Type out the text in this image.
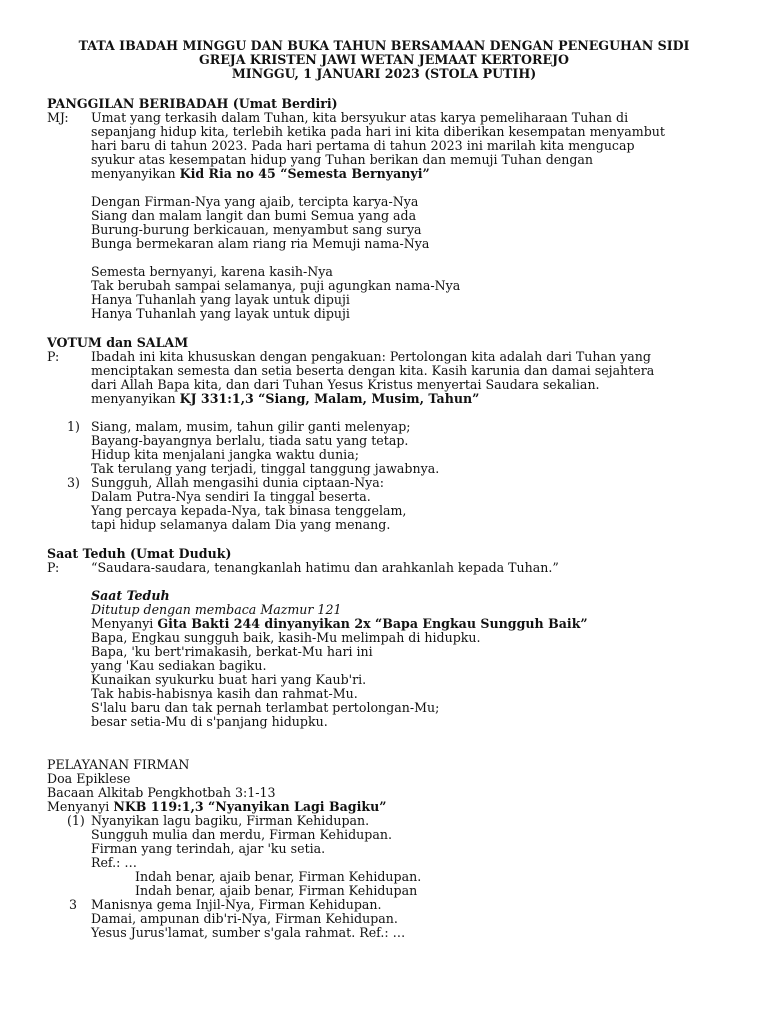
TATA IBADAH MINGGU DAN BUKA TAHUN BERSAMAAN DENGAN PENEGUHAN SIDI
GREJA KRISTEN JAWI WETAN JEMAAT KERTOREJO
MINGGU, 1 JANUARI 2023 (STOLA PUTIH)
PANGGILAN BERIBADAH (Umat Berdiri)
MJ: Umat yang terkasih dalam Tuhan, kita bersyukur atas karya pemeliharaan Tuhan di
sepanjang hidup kita, terlebih ketika pada hari ini kita diberikan kesempatan menyambut
hari baru di tahun 2023. Pada hari pertama di tahun 2023 ini marilah kita mengucap
syukur atas kesempatan hidup yang Tuhan berikan dan memuji Tuhan dengan
menyanyikan Kid Ria no 45 “Semesta Bernyanyi”
Dengan Firman-Nya yang ajaib, tercipta karya-Nya
Siang dan malam langit dan bumi Semua yang ada
Burung-burung berkicauan, menyambut sang surya
Bunga bermekaran alam riang ria Memuji nama-Nya
Semesta bernyanyi, karena kasih-Nya
Tak berubah sampai selamanya, puji agungkan nama-Nya
Hanya Tuhanlah yang layak untuk dipuji
Hanya Tuhanlah yang layak untuk dipuji
VOTUM dan SALAM
P:	Ibadah ini kita khususkan dengan pengakuan: Pertolongan kita adalah dari Tuhan yang
menciptakan semesta dan setia beserta dengan kita. Kasih karunia dan damai sejahtera
dari Allah Bapa kita, dan dari Tuhan Yesus Kristus menyertai Saudara sekalian.
menyanyikan KJ 331:1,3 “Siang, Malam, Musim, Tahun”
1) Siang, malam, musim, tahun gilir ganti melenyap;
Bayang-bayangnya berlalu, tiada satu yang tetap.
Hidup kita menjalani jangka waktu dunia;
Tak terulang yang terjadi, tinggal tanggung jawabnya.
3) Sungguh, Allah mengasihi dunia ciptaan-Nya:
Dalam Putra-Nya sendiri Ia tinggal beserta.
Yang percaya kepada-Nya, tak binasa tenggelam,
tapi hidup selamanya dalam Dia yang menang.
Saat Teduh (Umat Duduk)
P:	“Saudara-saudara, tenangkanlah hatimu dan arahkanlah kepada Tuhan.”
Saat Teduh
Ditutup dengan membaca Mazmur 121
Menyanyi Gita Bakti 244 dinyanyikan 2x “Bapa Engkau Sungguh Baik”
Bapa, Engkau sungguh baik, kasih-Mu melimpah di hidupku.
Bapa, 'ku bert'rimakasih, berkat-Mu hari ini
yang 'Kau sediakan bagiku.
Kunaikan syukurku buat hari yang Kaub'ri.
Tak habis-habisnya kasih dan rahmat-Mu.
S'lalu baru dan tak pernah terlambat pertolongan-Mu;
besar setia-Mu di s'panjang hidupku.
PELAYANAN FIRMAN
Doa Epiklese
Bacaan Alkitab Pengkhotbah 3:1-13
Menyanyi NKB 119:1,3 “Nyanyikan Lagi Bagiku”
(1) Nyanyikan lagu bagiku, Firman Kehidupan.
Sungguh mulia dan merdu, Firman Kehidupan.
Firman yang terindah, ajar 'ku setia.
Ref.: …
Indah benar, ajaib benar, Firman Kehidupan.
Indah benar, ajaib benar, Firman Kehidupan
3 Manisnya gema Injil-Nya, Firman Kehidupan.
Damai, ampunan dib'ri-Nya, Firman Kehidupan.
Yesus Jurus'lamat, sumber s'gala rahmat. Ref.: …
